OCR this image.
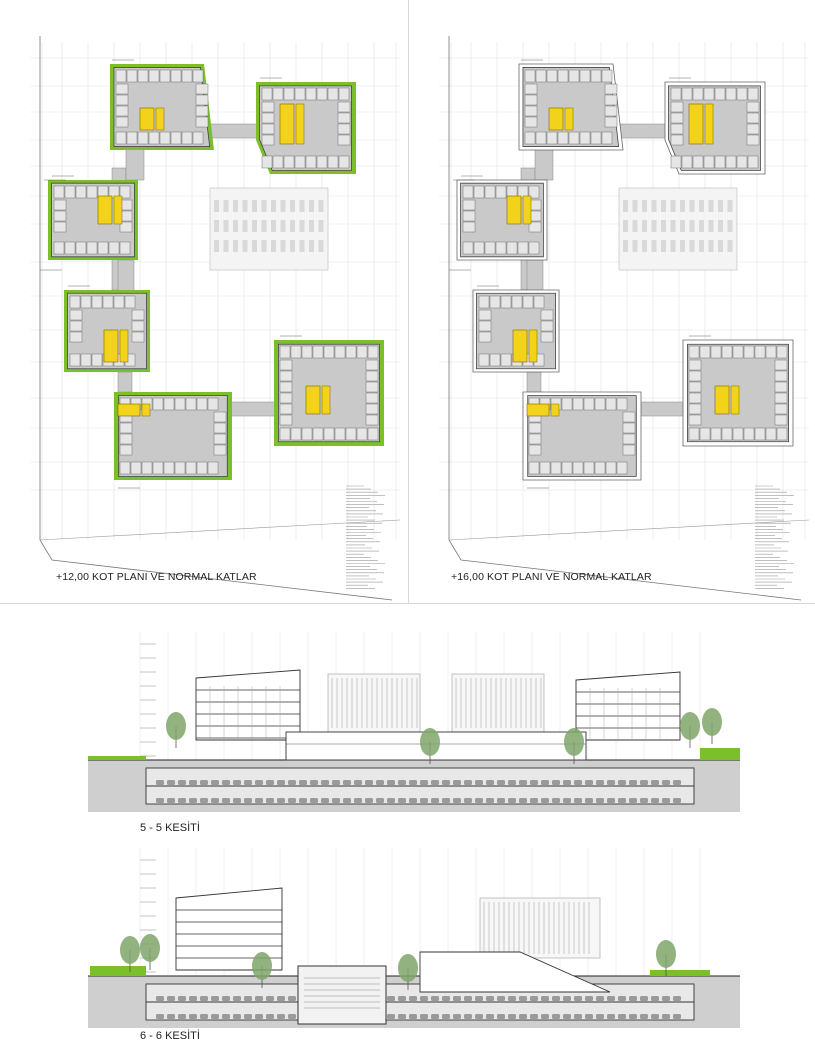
+12,00 KOT PLANI VE NORMAL KATLAR	+16,00 KOT PLANI VE NORMAL KATLAR
5 - 5 KESİTİ
6 - 6 KESİTİ
